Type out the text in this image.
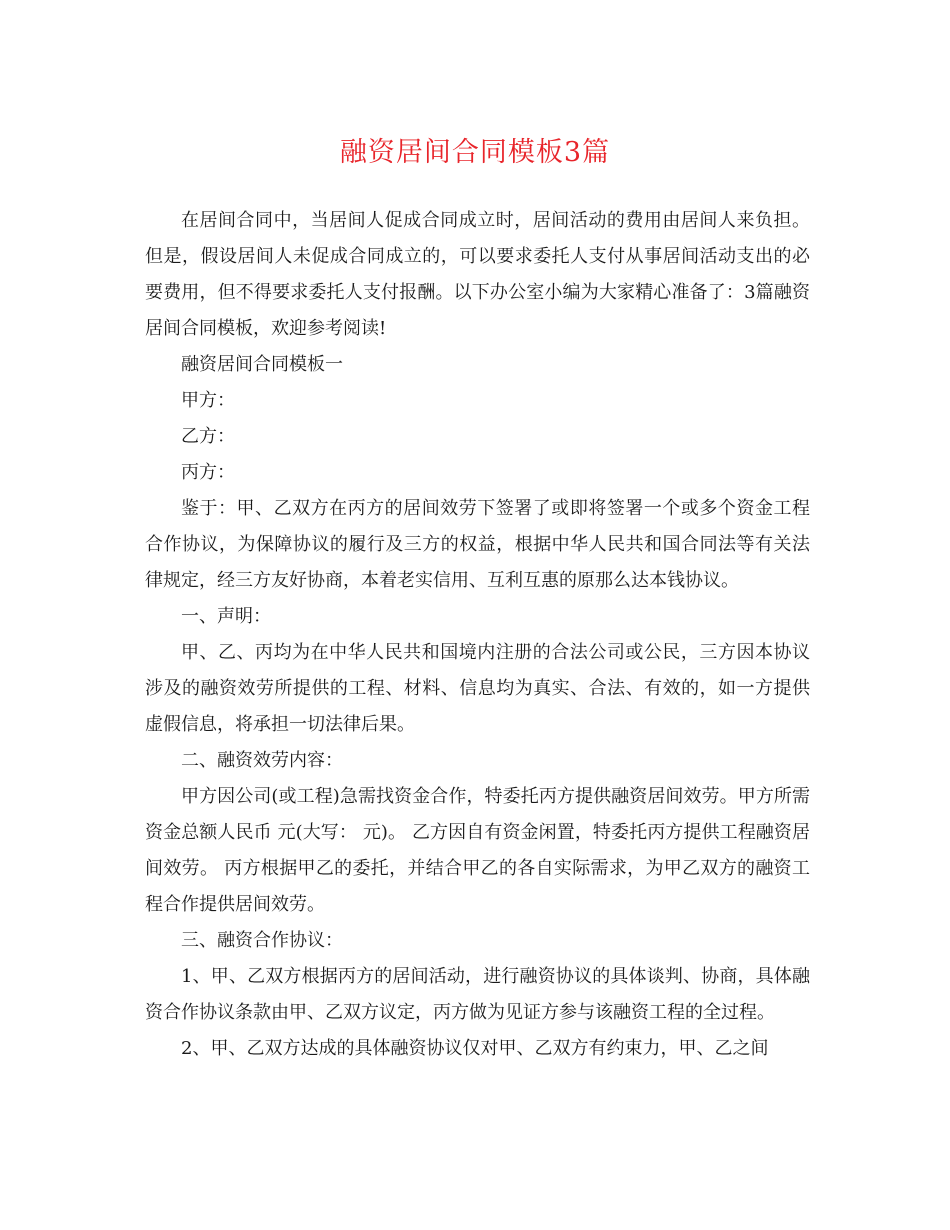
融资居间合同模板3篇

在居间合同中，当居间人促成合同成立时，居间活动的费用由居间人来负担。但是，假设居间人未促成合同成立的，可以要求委托人支付从事居间活动支出的必要费用，但不得要求委托人支付报酬。以下办公室小编为大家精心准备了：3篇融资居间合同模板，欢迎参考阅读!

融资居间合同模板一

甲方：

乙方：

丙方：

鉴于：甲、乙双方在丙方的居间效劳下签署了或即将签署一个或多个资金工程合作协议，为保障协议的履行及三方的权益，根据中华人民共和国合同法等有关法律规定，经三方友好协商，本着老实信用、互利互惠的原那么达本钱协议。

一、声明：

甲、乙、丙均为在中华人民共和国境内注册的合法公司或公民，三方因本协议涉及的融资效劳所提供的工程、材料、信息均为真实、合法、有效的，如一方提供虚假信息，将承担一切法律后果。

二、融资效劳内容：

甲方因公司(或工程)急需找资金合作，特委托丙方提供融资居间效劳。甲方所需资金总额人民币 元(大写： 元)。 乙方因自有资金闲置，特委托丙方提供工程融资居间效劳。 丙方根据甲乙的委托，并结合甲乙的各自实际需求，为甲乙双方的融资工程合作提供居间效劳。

三、融资合作协议：

1、甲、乙双方根据丙方的居间活动，进行融资协议的具体谈判、协商，具体融资合作协议条款由甲、乙双方议定，丙方做为见证方参与该融资工程的全过程。

2、甲、乙双方达成的具体融资协议仅对甲、乙双方有约束力，甲、乙之间
